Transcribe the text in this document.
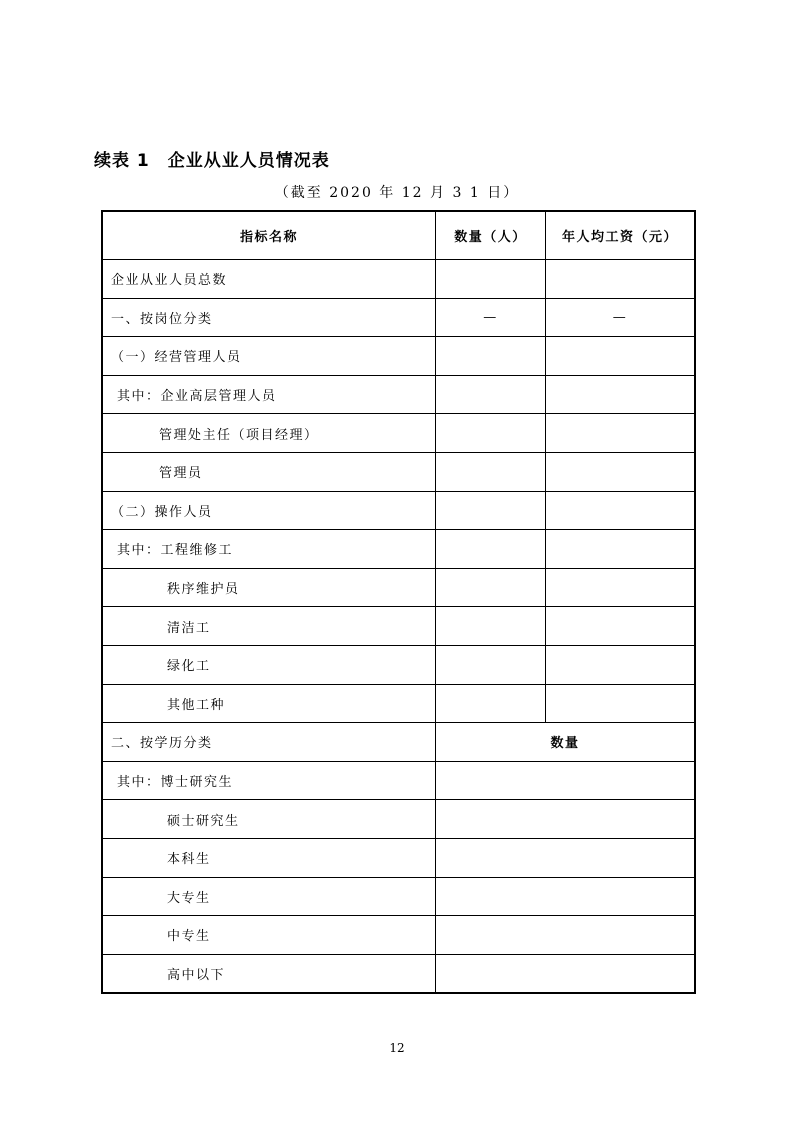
续表 1　企业从业人员情况表
（截至 2020 年 12 月 3 1 日）
指标名称	数量（人）	年人均工资（元）
企业从业人员总数		
一、按岗位分类	—	—
（一）经营管理人员		
其中：企业高层管理人员		
管理处主任（项目经理）		
管理员		
（二）操作人员		
其中：工程维修工		
秩序维护员		
清洁工		
绿化工		
其他工种		
二、按学历分类	数量	
其中：博士研究生		
硕士研究生		
本科生		
大专生		
中专生		
高中以下		
12
